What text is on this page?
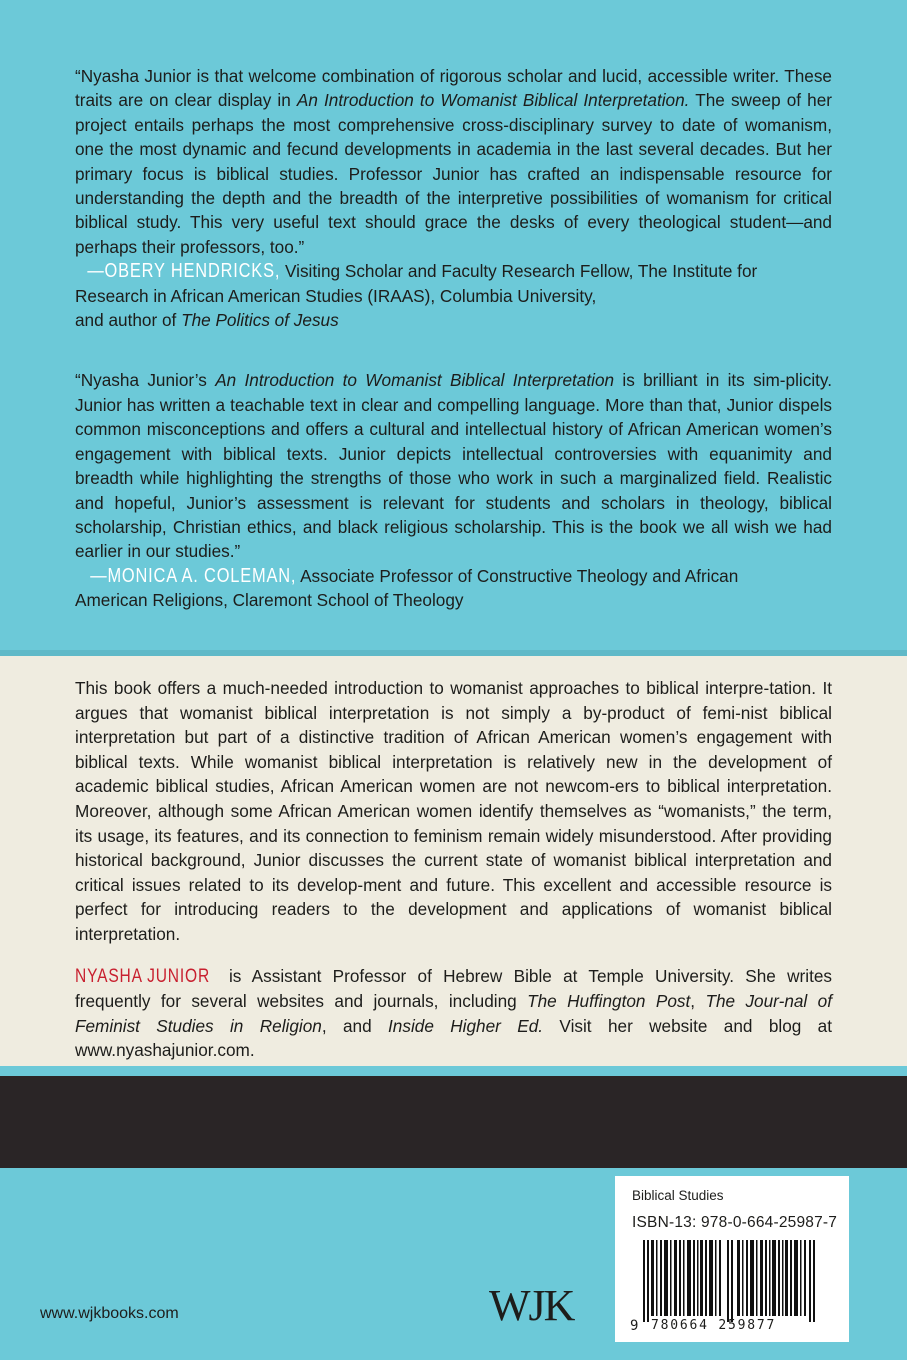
“Nyasha Junior is that welcome combination of rigorous scholar and lucid, accessible writer. These traits are on clear display in An Introduction to Womanist Biblical Interpretation. The sweep of her project entails perhaps the most comprehensive cross-disciplinary survey to date of womanism, one the most dynamic and fecund developments in academia in the last several decades. But her primary focus is biblical studies. Professor Junior has crafted an indispensable resource for understanding the depth and the breadth of the interpretive possibilities of womanism for critical biblical study. This very useful text should grace the desks of every theological student—and perhaps their professors, too.”

—OBERY HENDRICKS, Visiting Scholar and Faculty Research Fellow, The Institute for
Research in African American Studies (IRAAS), Columbia University,
and author of The Politics of Jesus

“Nyasha Junior’s An Introduction to Womanist Biblical Interpretation is brilliant in its sim-plicity. Junior has written a teachable text in clear and compelling language. More than that, Junior dispels common misconceptions and offers a cultural and intellectual history of African American women’s engagement with biblical texts. Junior depicts intellectual controversies with equanimity and breadth while highlighting the strengths of those who work in such a marginalized field. Realistic and hopeful, Junior’s assessment is relevant for students and scholars in theology, biblical scholarship, Christian ethics, and black religious scholarship. This is the book we all wish we had earlier in our studies.”

—MONICA A. COLEMAN, Associate Professor of Constructive Theology and African
American Religions, Claremont School of Theology

This book offers a much-needed introduction to womanist approaches to biblical interpre-tation. It argues that womanist biblical interpretation is not simply a by-product of femi-nist biblical interpretation but part of a distinctive tradition of African American women’s engagement with biblical texts. While womanist biblical interpretation is relatively new in the development of academic biblical studies, African American women are not newcom-ers to biblical interpretation. Moreover, although some African American women identify themselves as “womanists,” the term, its usage, its features, and its connection to feminism remain widely misunderstood. After providing historical background, Junior discusses the current state of womanist biblical interpretation and critical issues related to its develop-ment and future. This excellent and accessible resource is perfect for introducing readers to the development and applications of womanist biblical interpretation.

NYASHA JUNIOR is Assistant Professor of Hebrew Bible at Temple University. She writes frequently for several websites and journals, including The Huffington Post, The Jour-nal of Feminist Studies in Religion, and Inside Higher Ed. Visit her website and blog at www.nyashajunior.com.

www.wjkbooks.com	WJK
Biblical Studies
ISBN-13: 978-0-664-25987-7
9 780664 259877
